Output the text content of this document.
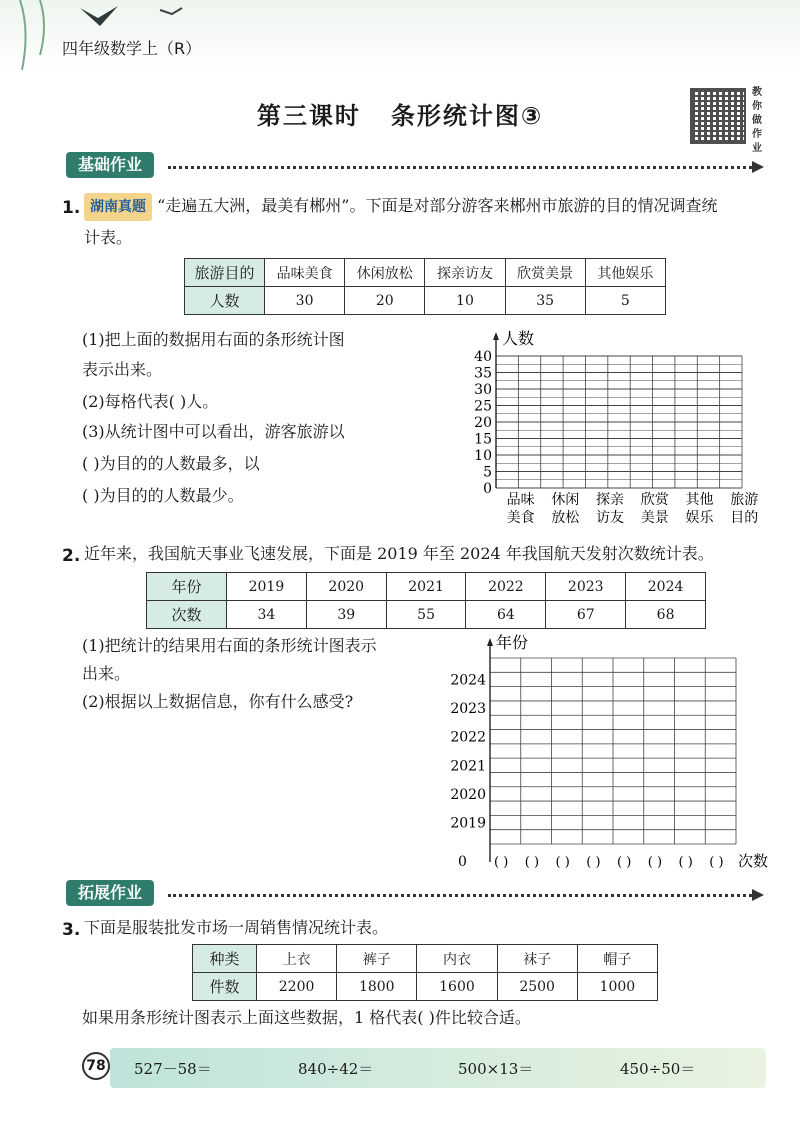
四年级数学上（R）
第三课时 条形统计图③
教你做作业
基础作业
1. 湖南真题 “走遍五大洲，最美有郴州”。下面是对部分游客来郴州市旅游的目的情况调查统
计表。
旅游目的	品味美食	休闲放松	探亲访友	欣赏美景	其他娱乐
人数	30	20	10	35	5
(1)把上面的数据用右面的条形统计图
表示出来。
(2)每格代表( )人。
(3)从统计图中可以看出，游客旅游以
( )为目的的人数最多，以
( )为目的的人数最少。
人数
40
35
30
25
20
15
10
5
0
品味
美食
休闲
放松
探亲
访友
欣赏
美景
其他
娱乐
旅游
目的
2. 近年来，我国航天事业飞速发展，下面是 2019 年至 2024 年我国航天发射次数统计表。
年份	2019	2020	2021	2022	2023	2024
次数	34	39	55	64	67	68
(1)把统计的结果用右面的条形统计图表示
出来。
(2)根据以上数据信息，你有什么感受?
年份
2024
2023
2022
2021
2020
2019
0 ( ) ( ) ( ) ( ) ( ) ( ) ( ) ( ) 次数
拓展作业
3. 下面是服装批发市场一周销售情况统计表。
种类	上衣	裤子	内衣	袜子	帽子
件数	2200	1800	1600	2500	1000
如果用条形统计图表示上面这些数据，1 格代表( )件比较合适。
78 527－58＝	840÷42＝	500×13＝	450÷50＝
